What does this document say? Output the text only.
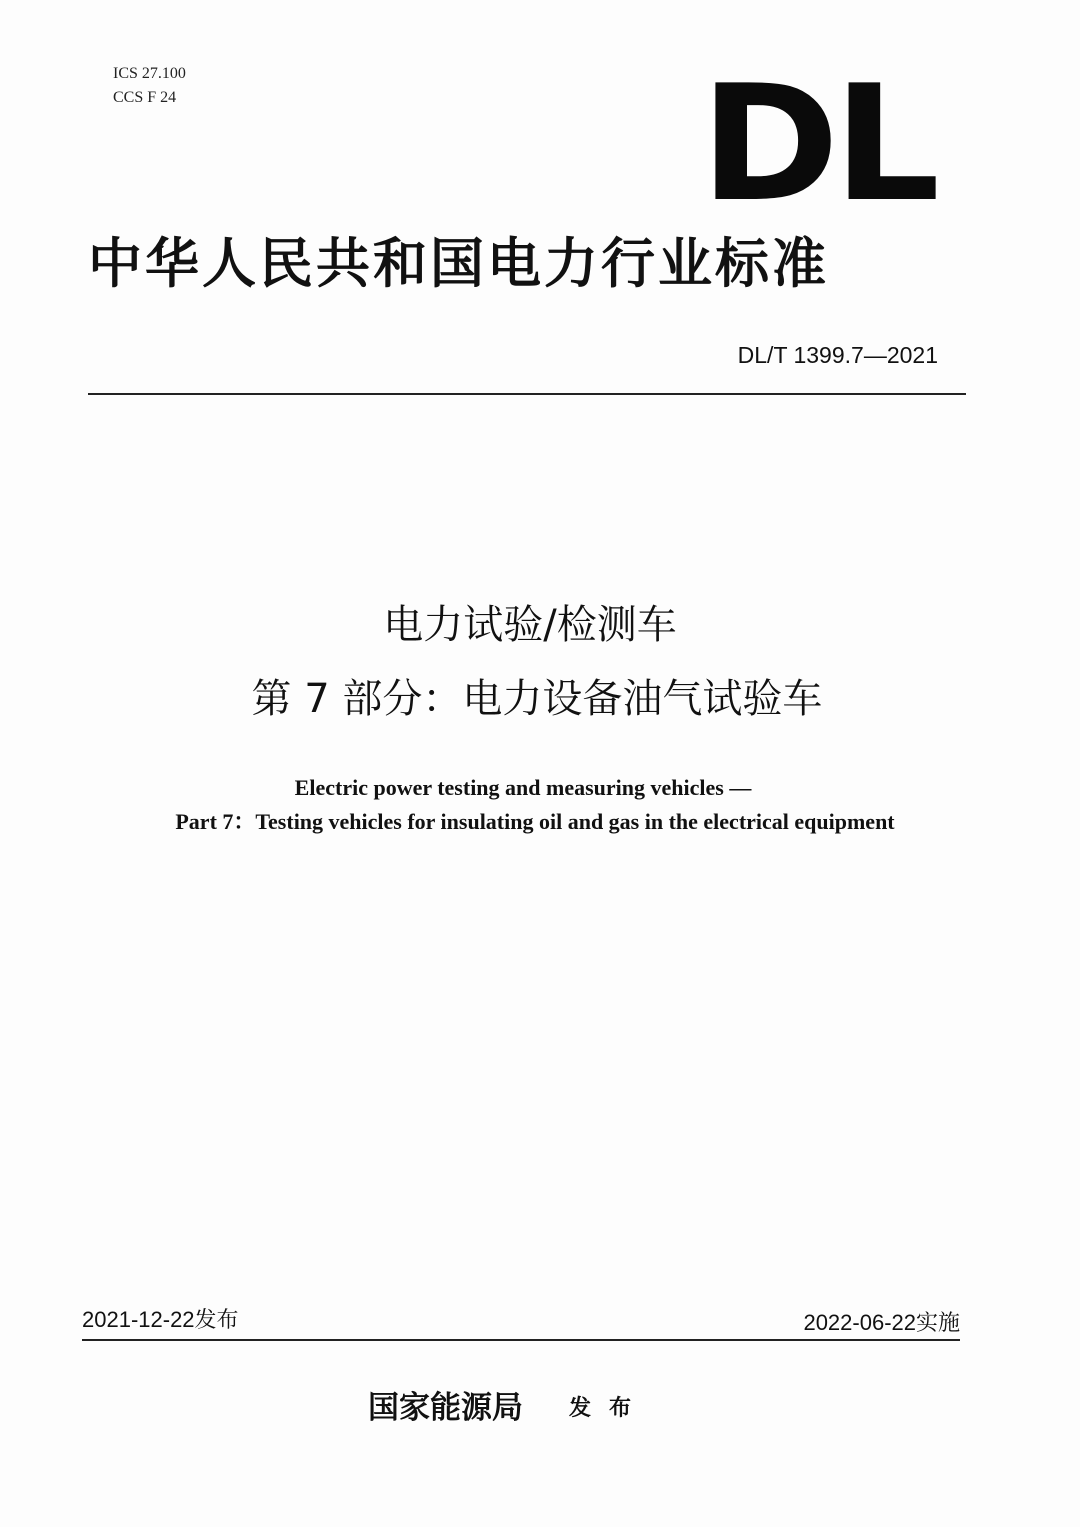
ICS 27.100
CCS F 24	DL
中华人民共和国电力行业标准
DL/T 1399.7—2021
电力试验/检测车
第 7 部分：电力设备油气试验车
Electric power testing and measuring vehicles —
Part 7：Testing vehicles for insulating oil and gas in the electrical equipment
2021-12-22发布	2022-06-22实施
国家能源局 发布
